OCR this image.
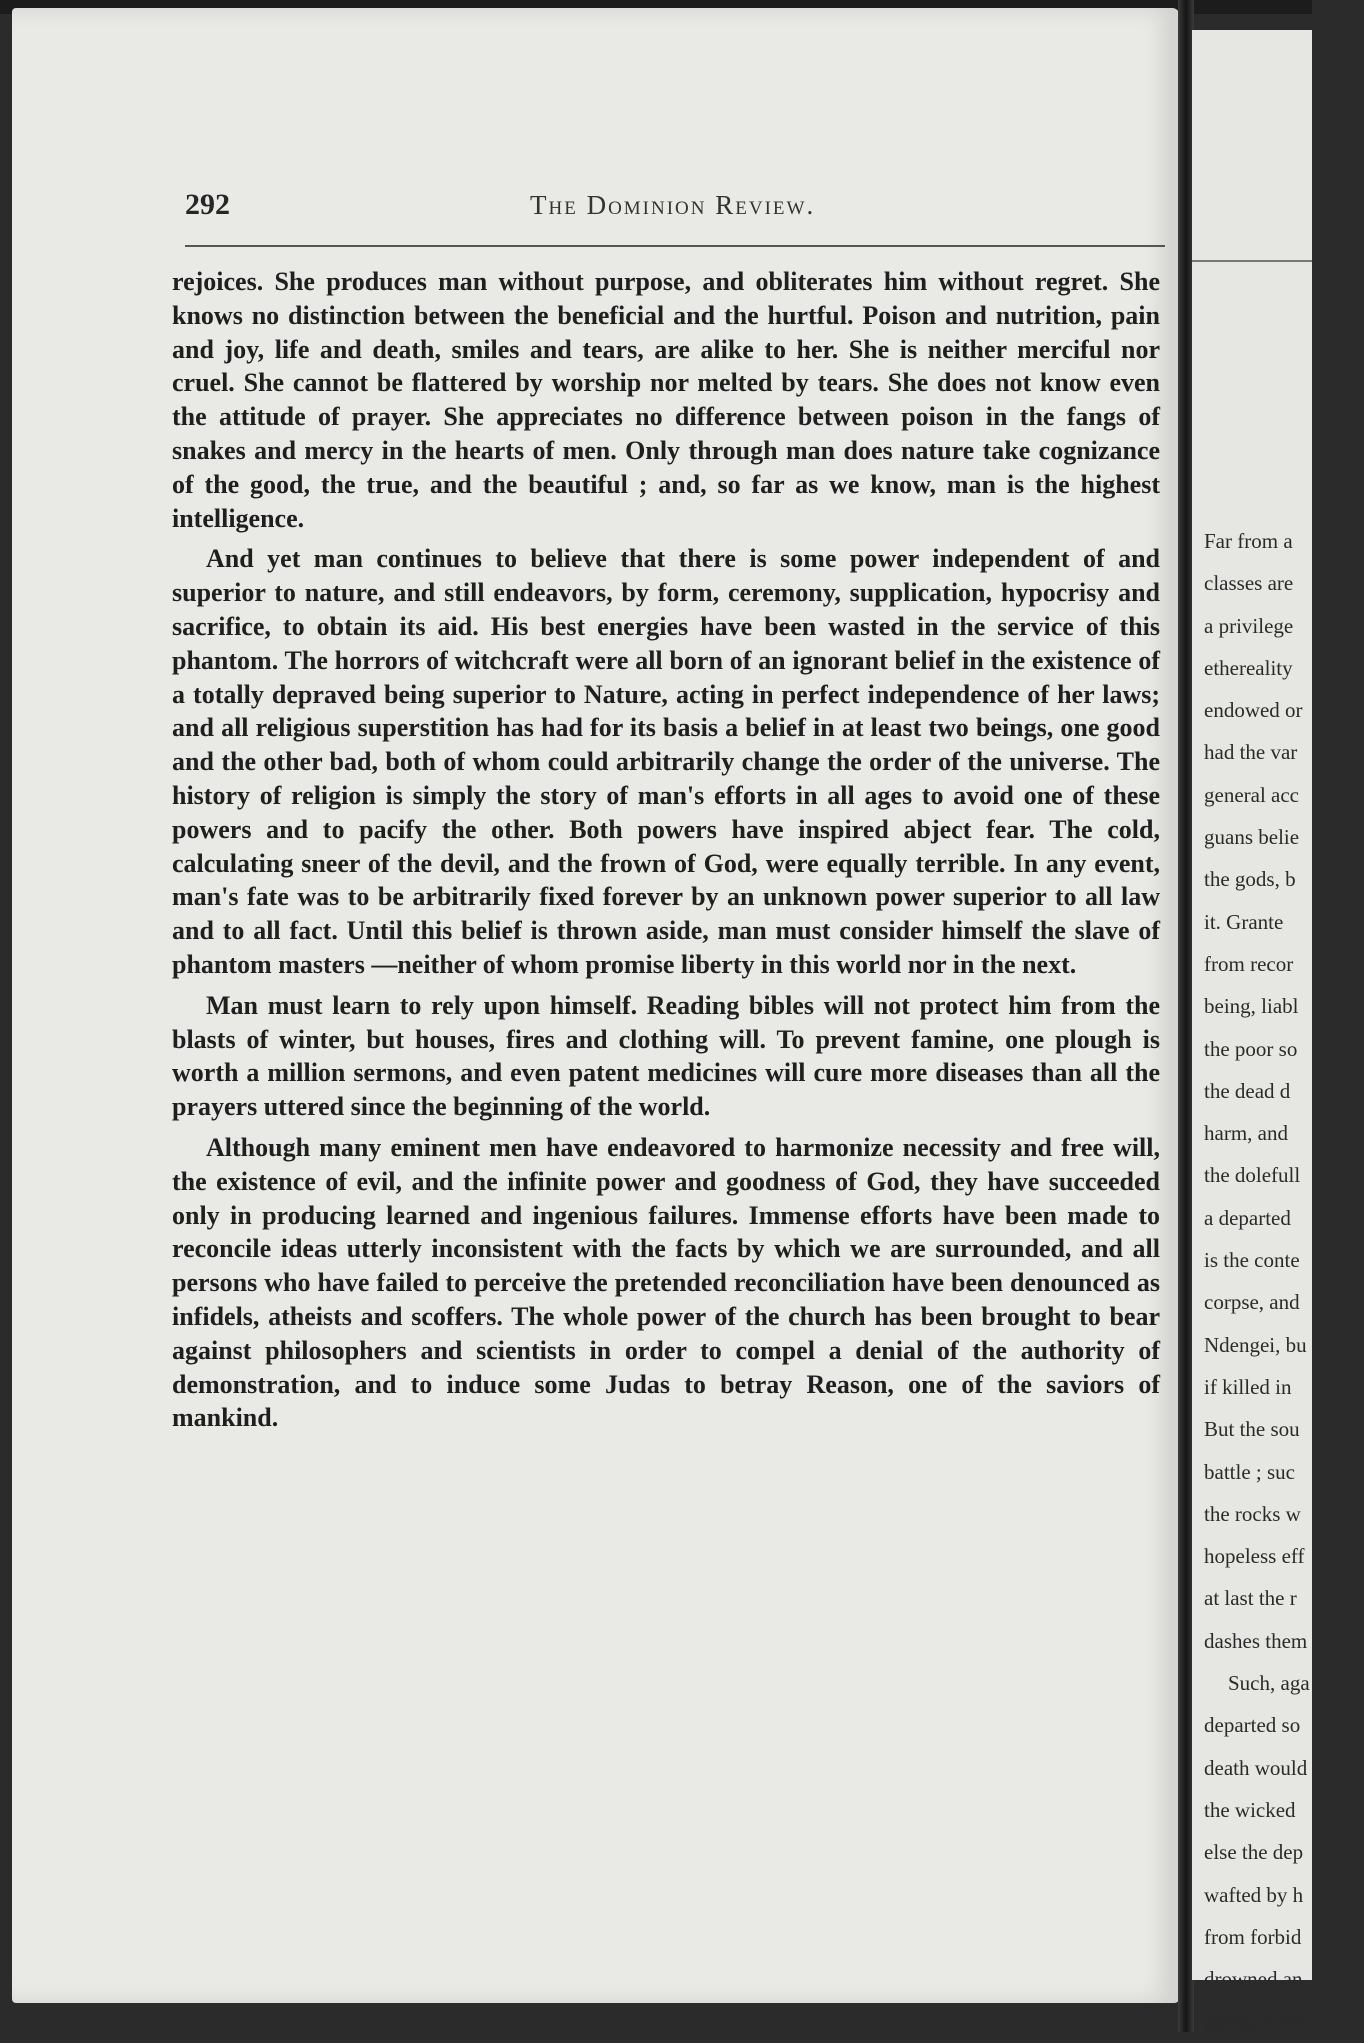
292	The Dominion Review.

rejoices. She produces man without purpose, and obliterates him without regret. She knows no distinction between the beneficial and the hurtful. Poison and nutrition, pain and joy, life and death, smiles and tears, are alike to her. She is neither merciful nor cruel. She cannot be flattered by worship nor melted by tears. She does not know even the attitude of prayer. She appreciates no difference between poison in the fangs of snakes and mercy in the hearts of men. Only through man does nature take cognizance of the good, the true, and the beautiful ; and, so far as we know, man is the highest intelligence.

And yet man continues to believe that there is some power independent of and superior to nature, and still endeavors, by form, ceremony, supplication, hypocrisy and sacrifice, to obtain its aid. His best energies have been wasted in the service of this phantom. The horrors of witchcraft were all born of an ignorant belief in the existence of a totally depraved being superior to Nature, acting in perfect independence of her laws; and all religious superstition has had for its basis a belief in at least two beings, one good and the other bad, both of whom could arbitrarily change the order of the universe. The history of religion is simply the story of man's efforts in all ages to avoid one of these powers and to pacify the other. Both powers have inspired abject fear. The cold, calculating sneer of the devil, and the frown of God, were equally terrible. In any event, man's fate was to be arbitrarily fixed forever by an unknown power superior to all law and to all fact. Until this belief is thrown aside, man must consider himself the slave of phantom masters —neither of whom promise liberty in this world nor in the next.

Man must learn to rely upon himself. Reading bibles will not protect him from the blasts of winter, but houses, fires and clothing will. To prevent famine, one plough is worth a million sermons, and even patent medicines will cure more diseases than all the prayers uttered since the beginning of the world.

Although many eminent men have endeavored to harmonize necessity and free will, the existence of evil, and the infinite power and goodness of God, they have succeeded only in producing learned and ingenious failures. Immense efforts have been made to reconcile ideas utterly inconsistent with the facts by which we are surrounded, and all persons who have failed to perceive the pretended reconciliation have been denounced as infidels, atheists and scoffers. The whole power of the church has been brought to bear against philosophers and scientists in order to compel a denial of the authority of demonstration, and to induce some Judas to betray Reason, one of the saviors of mankind.

Far from a
classes are
a privilege
ethereality
endowed or
had the var
general acc
guans belie
the gods, b
it. Grante
from recor
being, liabl
the poor so
the dead d
harm, and
the dolefull
a departed
is the conte
corpse, and
Ndengei, bu
if killed in
But the sou
battle ; suc
the rocks w
hopeless eff
at last the r
dashes them
Such, aga
departed so
death would
the wicked
else the dep
wafted by h
from forbid
drowned an
ghost, if we
